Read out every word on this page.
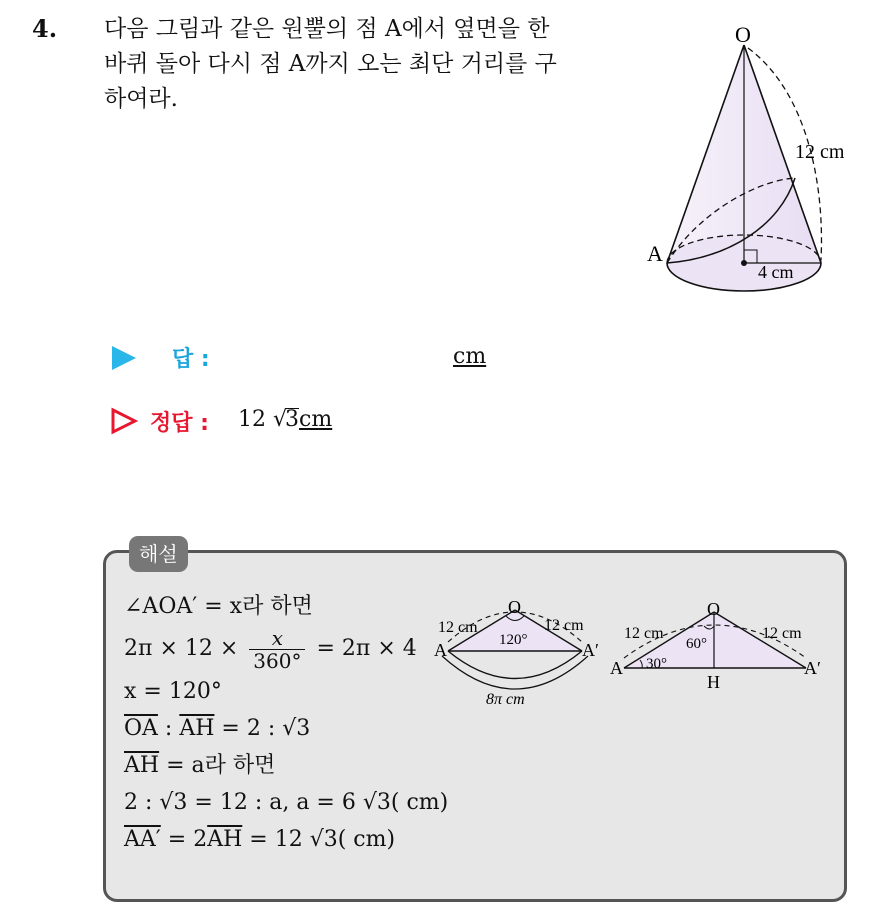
4. 다음 그림과 같은 원뿔의 점 A에서 옆면을 한
바퀴 돌아 다시 점 A까지 오는 최단 거리를 구
하여라.
O
A
12 cm
4 cm
답 :	cm
정답 : 12 √3cm
해설
∠AOA′ = x라 하면
$2\pi \times 12 \times \frac{x}{360^\circ} = 2\pi \times 4$
x = 120°
$\overline{OA}$ : $\overline{AH} = 2$ : √3
$\overline{AH} = a$라 하면
2 : √3 = 12 : a, a = 6 √3( cm)
$AA' = 2\overline{AH} = 12$ √3( cm)
O
A	A′
12 cm	12 cm
120°
8π cm
O
A	A′
H
12 cm	12 cm
60°
30°
